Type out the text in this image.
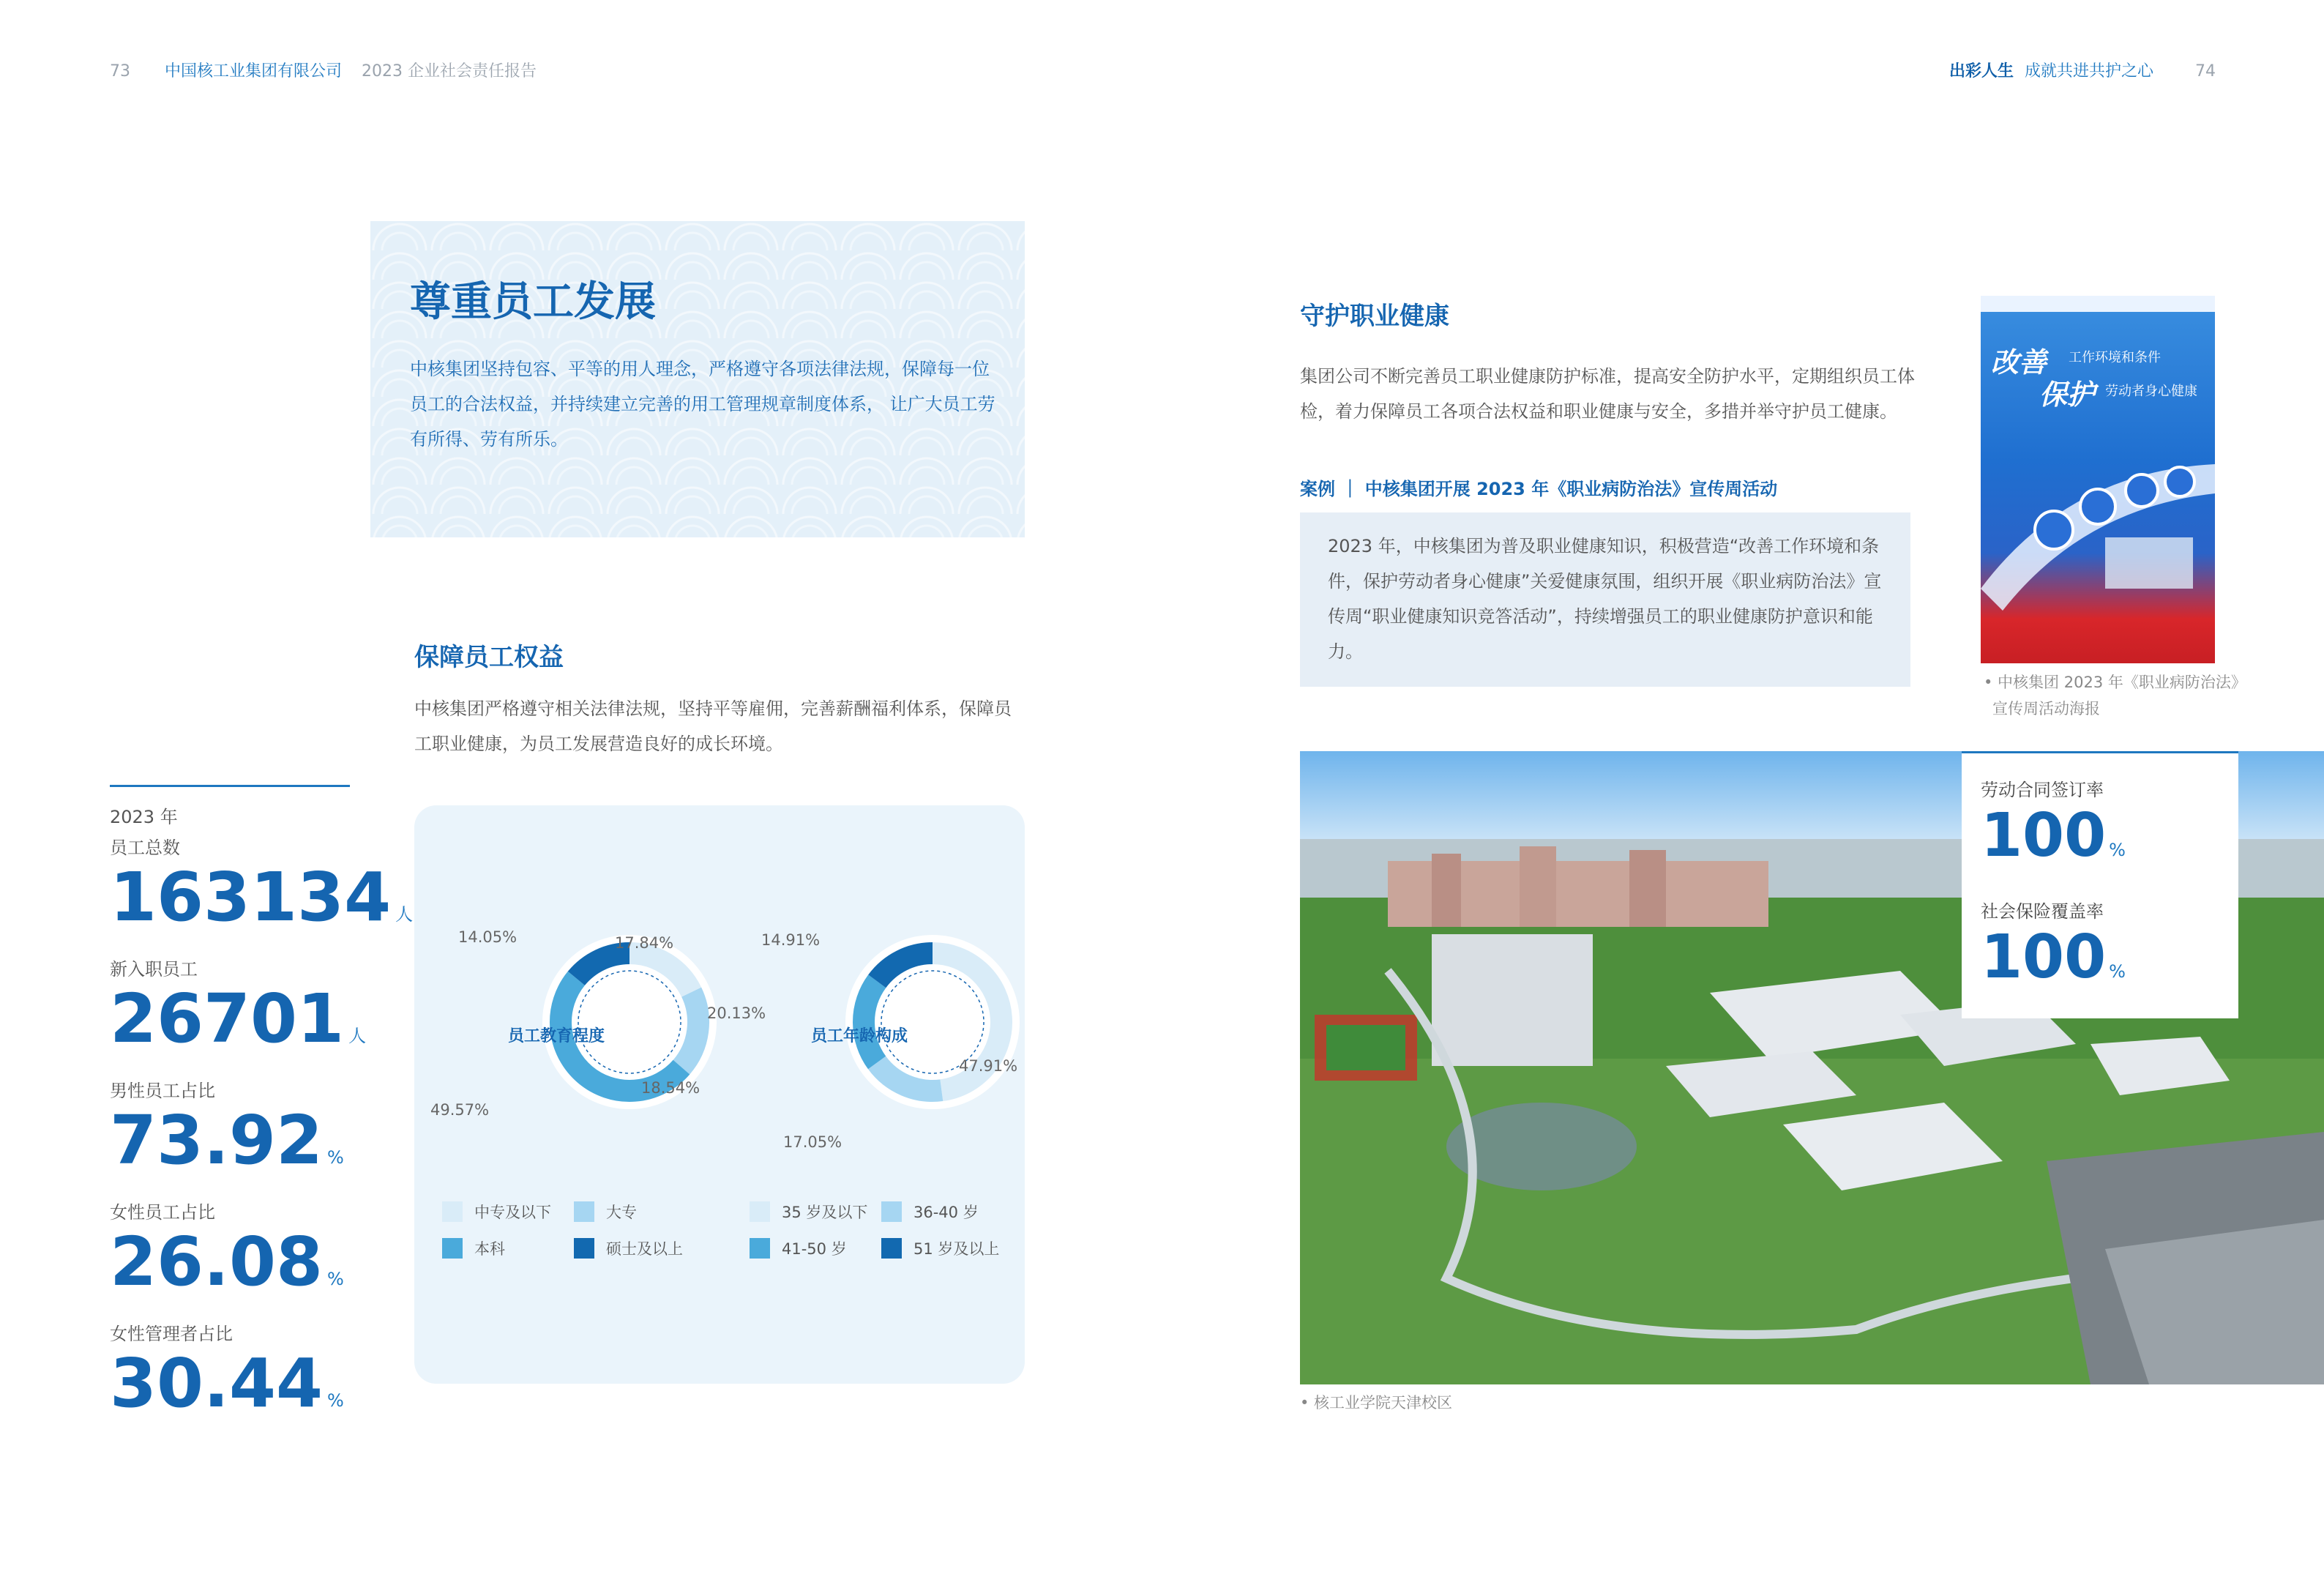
73 中国核工业集团有限公司 2023 企业社会责任报告	出彩人生 成就共进共护之心	74
尊重员工发展
中核集团坚持包容、平等的用人理念，严格遵守各项法律法规，保障每一位员工的合法权益，并持续建立完善的用工管理规章制度体系， 让广大员工劳有所得、劳有所乐。
保障员工权益
中核集团严格遵守相关法律法规，坚持平等雇佣，完善薪酬福利体系，保障员工职业健康，为员工发展营造良好的成长环境。
2023 年
员工总数
163134 人
新入职员工
26701 人
男性员工占比
73.92 %
女性员工占比
26.08 %
女性管理者占比
30.44 %
14.05%	17.84%
18.54%
49.57%
14.91%
20.13%
47.91%
17.05%
员工教育程度	员工年龄构成
中专及以下	大专
本科	硕士及以上
35 岁及以下	36-40 岁
41-50 岁	51 岁及以上
守护职业健康
集团公司不断完善员工职业健康防护标准，提高安全防护水平，定期组织员工体检，着力保障员工各项合法权益和职业健康与安全，多措并举守护员工健康。
案例 ｜ 中核集团开展 2023 年《职业病防治法》宣传周活动
2023 年，中核集团为普及职业健康知识，积极营造“改善工作环境和条件，保护劳动者身心健康”关爱健康氛围，组织开展《职业病防治法》宣传周“职业健康知识竞答活动”，持续增强员工的职业健康防护意识和能力。
改善 工作环境和条件
保护 劳动者身心健康
• 中核集团 2023 年《职业病防治法》
宣传周活动海报
• 核工业学院天津校区
劳动合同签订率
100 %
社会保险覆盖率
100 %
